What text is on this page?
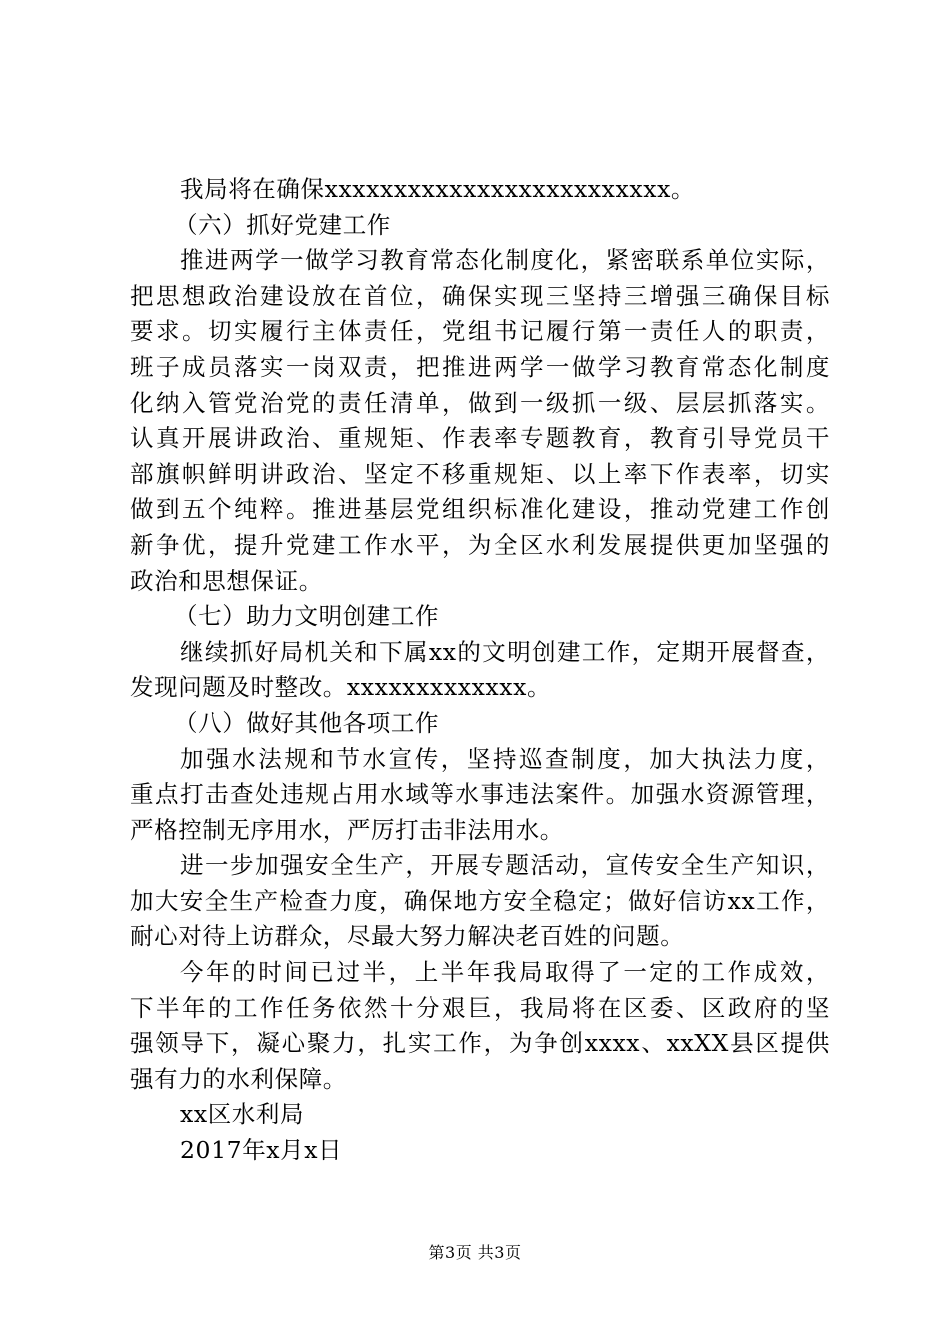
我局将在确保xxxxxxxxxxxxxxxxxxxxxxxxx。
（六）抓好党建工作
推进两学一做学习教育常态化制度化，紧密联系单位实际，
把思想政治建设放在首位，确保实现三坚持三增强三确保目标
要求。切实履行主体责任，党组书记履行第一责任人的职责，
班子成员落实一岗双责，把推进两学一做学习教育常态化制度
化纳入管党治党的责任清单，做到一级抓一级、层层抓落实。
认真开展讲政治、重规矩、作表率专题教育，教育引导党员干
部旗帜鲜明讲政治、坚定不移重规矩、以上率下作表率，切实
做到五个纯粹。推进基层党组织标准化建设，推动党建工作创
新争优，提升党建工作水平，为全区水利发展提供更加坚强的
政治和思想保证。
（七）助力文明创建工作
继续抓好局机关和下属xx的文明创建工作，定期开展督查，
发现问题及时整改。xxxxxxxxxxxxx。
（八）做好其他各项工作
加强水法规和节水宣传，坚持巡查制度，加大执法力度，
重点打击查处违规占用水域等水事违法案件。加强水资源管理，
严格控制无序用水，严厉打击非法用水。
进一步加强安全生产，开展专题活动，宣传安全生产知识，
加大安全生产检查力度，确保地方安全稳定；做好信访xx工作，
耐心对待上访群众，尽最大努力解决老百姓的问题。
今年的时间已过半，上半年我局取得了一定的工作成效，
下半年的工作任务依然十分艰巨，我局将在区委、区政府的坚
强领导下，凝心聚力，扎实工作，为争创xxxx、xxXX县区提供
强有力的水利保障。
xx区水利局
2017年x月x日
第3页 共3页
